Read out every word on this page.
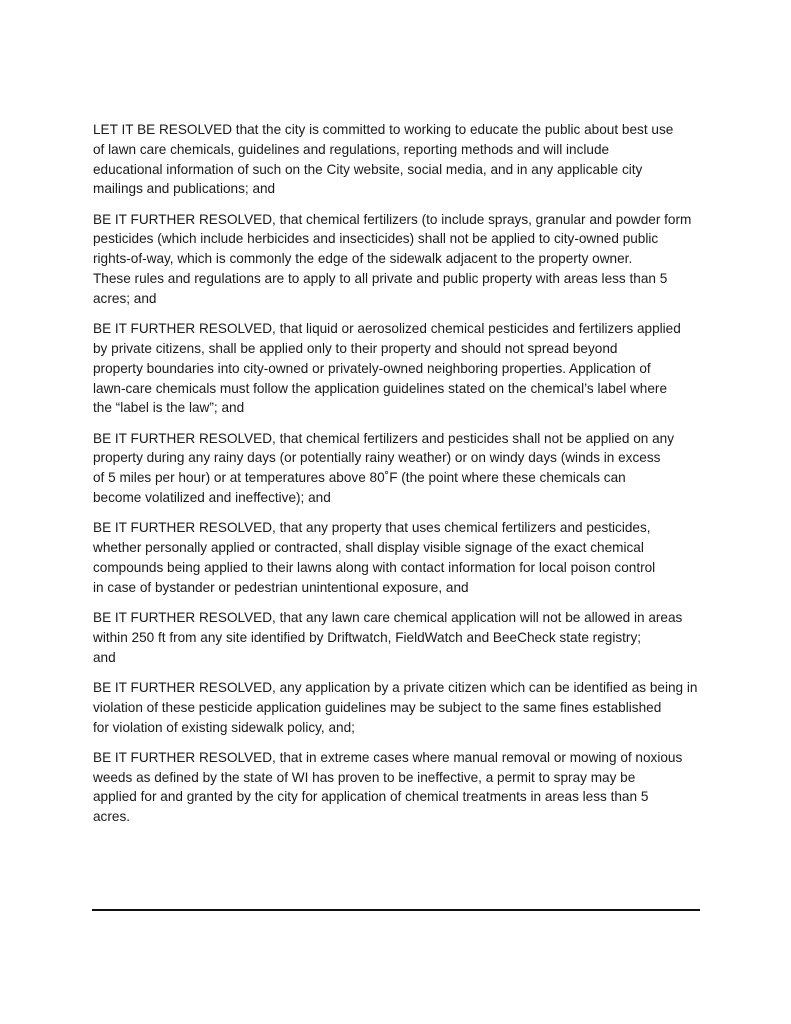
LET IT BE RESOLVED that the city is committed to working to educate the public about best use
of lawn care chemicals, guidelines and regulations, reporting methods and will include
educational information of such on the City website, social media, and in any applicable city
mailings and publications; and

BE IT FURTHER RESOLVED, that chemical fertilizers (to include sprays, granular and powder form
pesticides (which include herbicides and insecticides) shall not be applied to city-owned public
rights-of-way, which is commonly the edge of the sidewalk adjacent to the property owner.
These rules and regulations are to apply to all private and public property with areas less than 5
acres; and

BE IT FURTHER RESOLVED, that liquid or aerosolized chemical pesticides and fertilizers applied
by private citizens, shall be applied only to their property and should not spread beyond
property boundaries into city-owned or privately-owned neighboring properties. Application of
lawn-care chemicals must follow the application guidelines stated on the chemical’s label where
the “label is the law”; and

BE IT FURTHER RESOLVED, that chemical fertilizers and pesticides shall not be applied on any
property during any rainy days (or potentially rainy weather) or on windy days (winds in excess
of 5 miles per hour) or at temperatures above 80˚F (the point where these chemicals can
become volatilized and ineffective); and

BE IT FURTHER RESOLVED, that any property that uses chemical fertilizers and pesticides,
whether personally applied or contracted, shall display visible signage of the exact chemical
compounds being applied to their lawns along with contact information for local poison control
in case of bystander or pedestrian unintentional exposure, and

BE IT FURTHER RESOLVED, that any lawn care chemical application will not be allowed in areas
within 250 ft from any site identified by Driftwatch, FieldWatch and BeeCheck state registry;
and

BE IT FURTHER RESOLVED, any application by a private citizen which can be identified as being in
violation of these pesticide application guidelines may be subject to the same fines established
for violation of existing sidewalk policy, and;

BE IT FURTHER RESOLVED, that in extreme cases where manual removal or mowing of noxious
weeds as defined by the state of WI has proven to be ineffective, a permit to spray may be
applied for and granted by the city for application of chemical treatments in areas less than 5
acres.
